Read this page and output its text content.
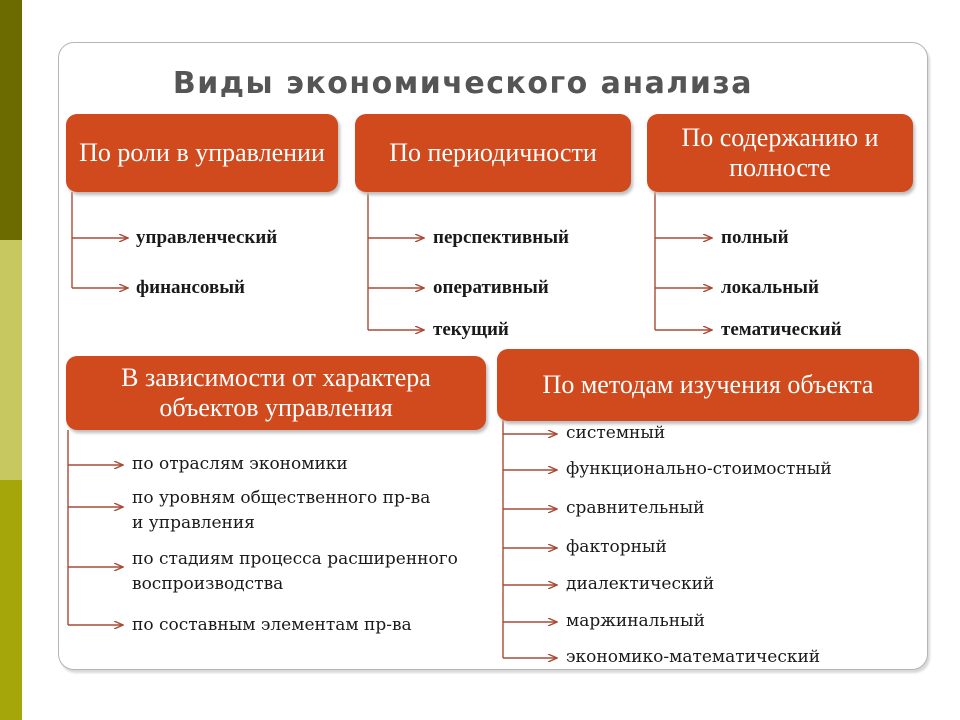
Виды экономического анализа
По роли в управлении	По периодичности
По содержанию и полносте
В зависимости от характера объектов управления
По методам изучения объекта
управленческий
финансовый
перспективный
оперативный
текущий
полный
локальный
тематический
по отраслям экономики
по уровням общественного пр-ва и управления
по стадиям процесса расширенного воспроизводства
по составным элементам пр-ва
системный
функционально-стоимостный
сравнительный
факторный
диалектический
маржинальный
экономико-математический
